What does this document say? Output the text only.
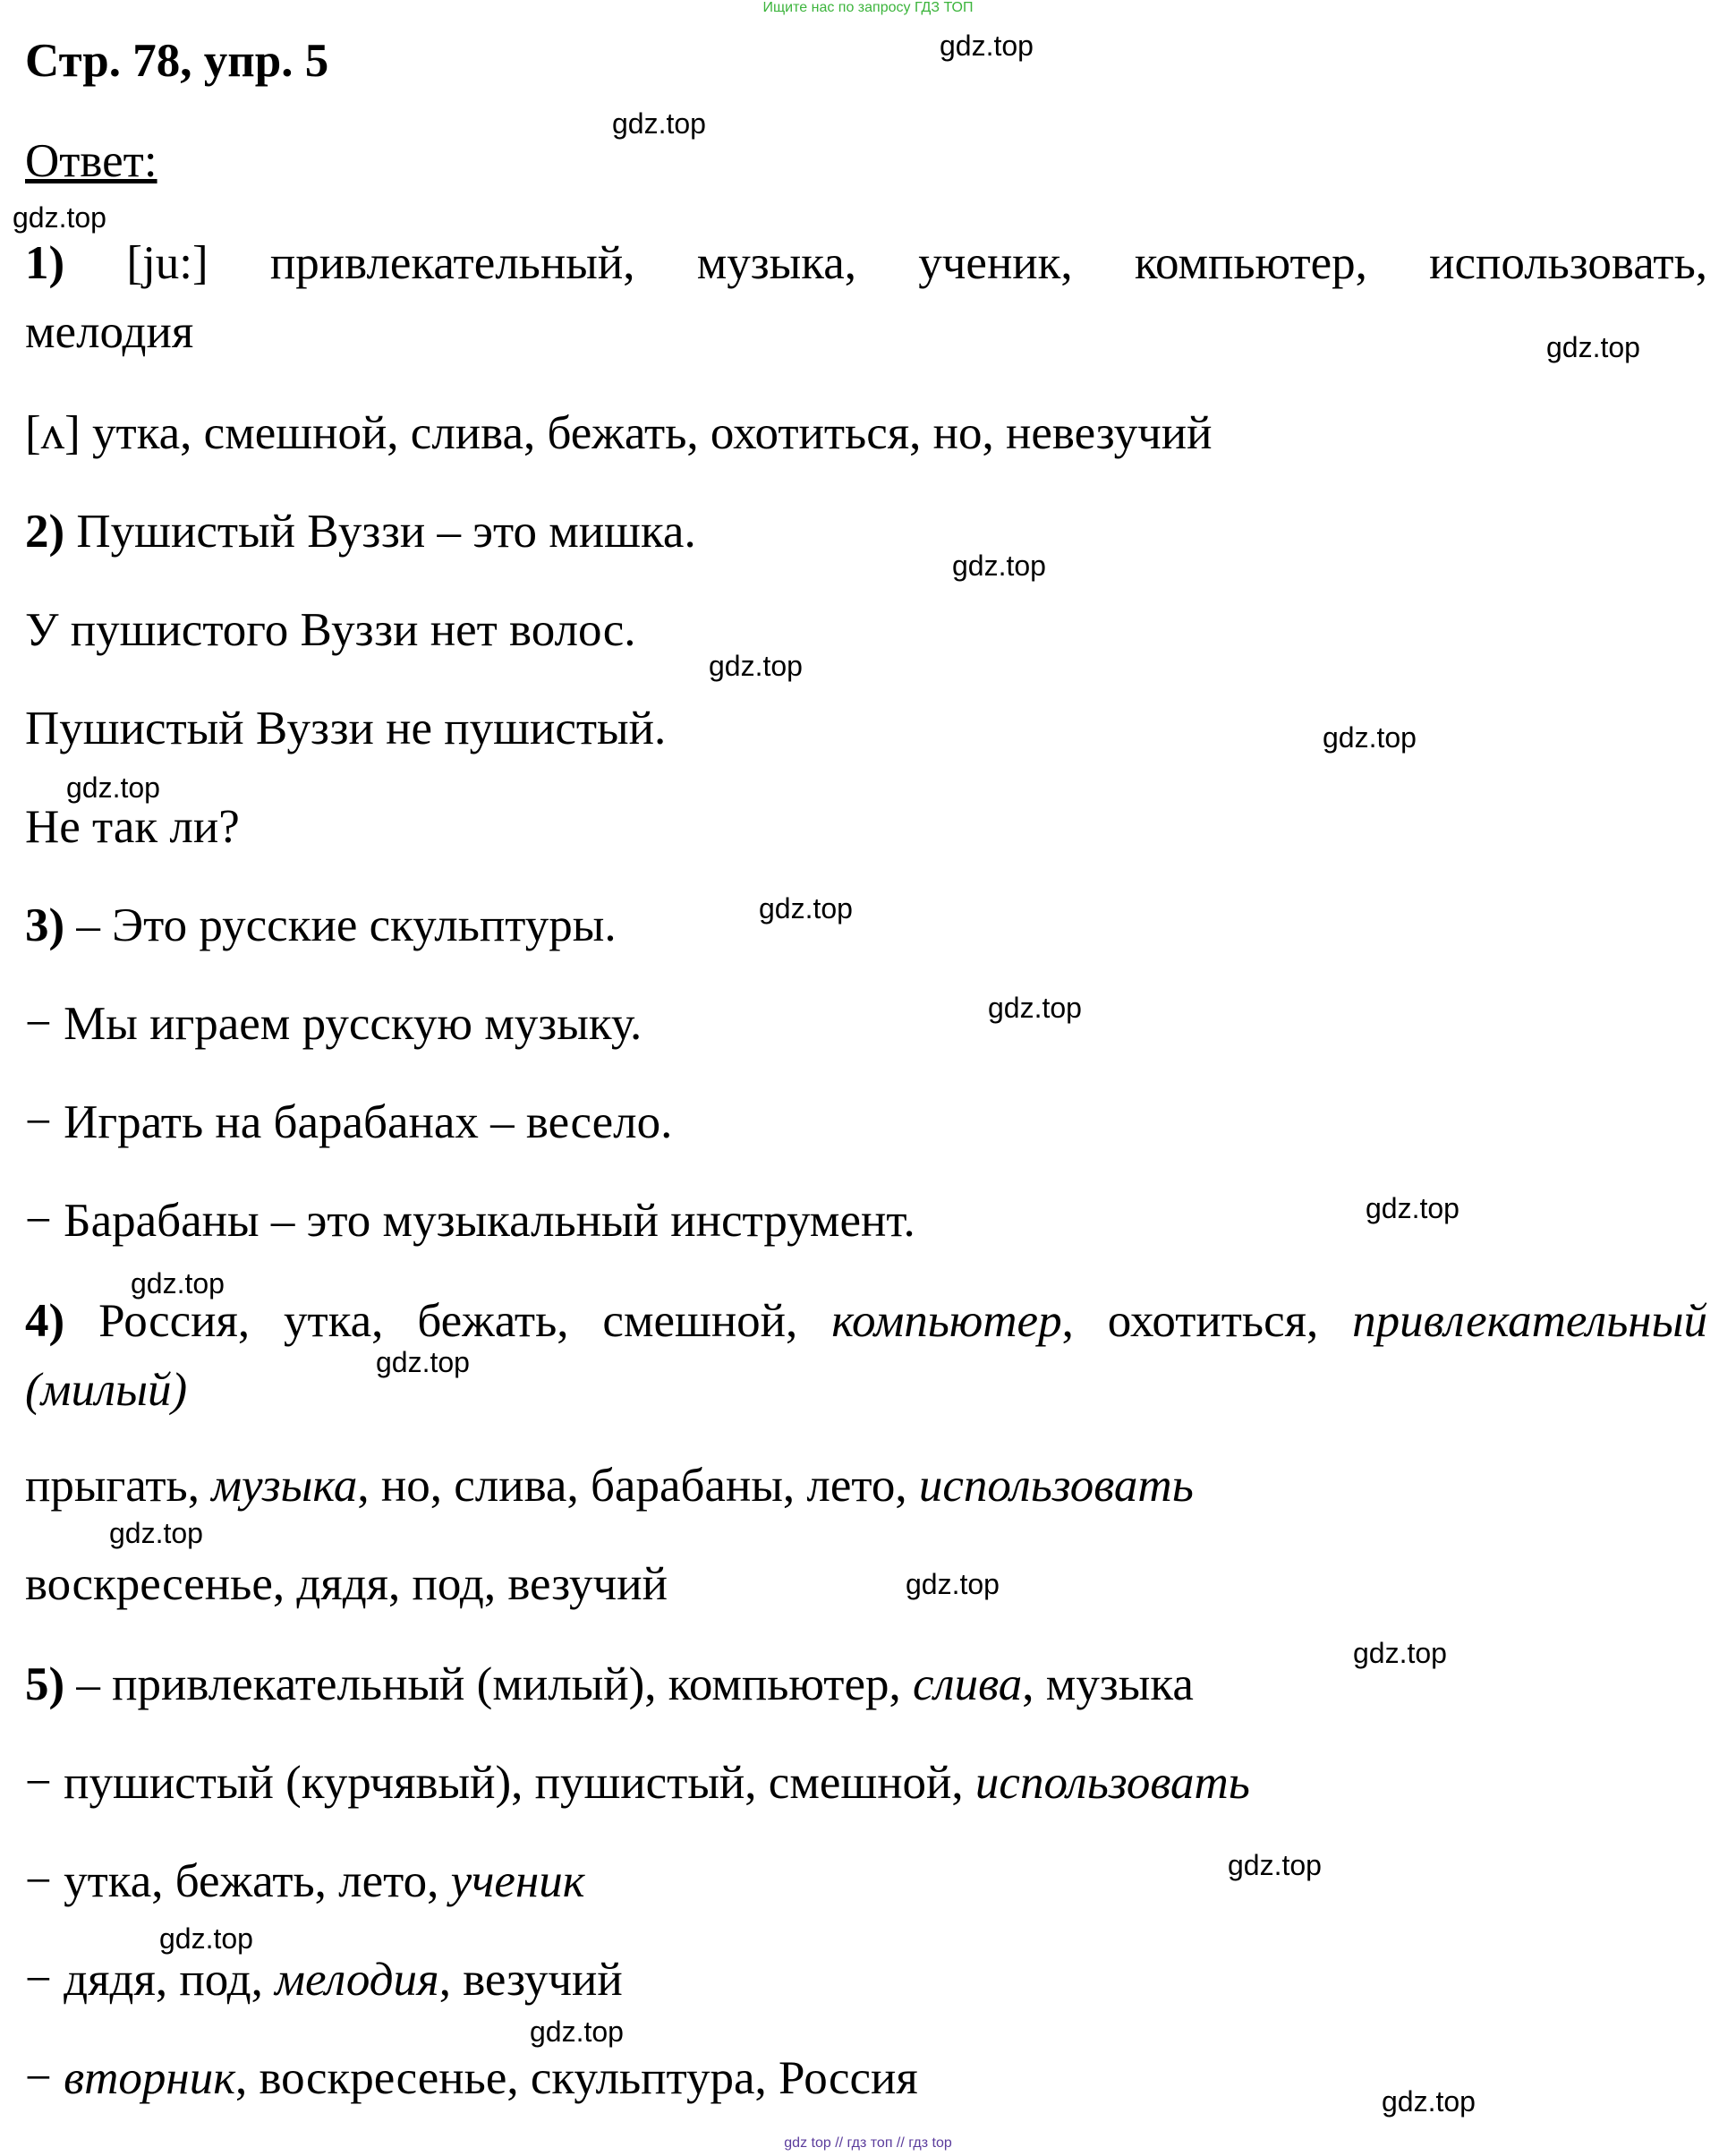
Ищите нас по запросу ГДЗ ТОП
Стр. 78, упр. 5
Ответ:

1) [ju:] привлекательный, музыка, ученик, компьютер, использовать,

мелодия

[ʌ] утка, смешной, слива, бежать, охотиться, но, невезучий
2) Пушистый Вуззи – это мишка.
У пушистого Вуззи нет волос.
Пушистый Вуззи не пушистый.
Не так ли?
3) – Это русские скульптуры.
− Мы играем русскую музыку.
− Играть на барабанах – весело.
− Барабаны – это музыкальный инструмент.

4) Россия, утка, бежать, смешной, компьютер, охотиться, привлекательный

(милый)

прыгать, музыка, но, слива, барабаны, лето, использовать
воскресенье, дядя, под, везучий
5) – привлекательный (милый), компьютер, слива, музыка
− пушистый (курчявый), пушистый, смешной, использовать
− утка, бежать, лето, ученик
− дядя, под, мелодия, везучий
− вторник, воскресенье, скульптура, Россия
gdz.top
gdz.top
gdz.top
gdz.top
gdz.top
gdz.top
gdz.top
gdz.top
gdz.top
gdz.top
gdz.top
gdz.top
gdz.top
gdz.top
gdz.top
gdz.top
gdz.top
gdz.top
gdz.top
gdz.top
gdz top // гдз топ // гдз top
